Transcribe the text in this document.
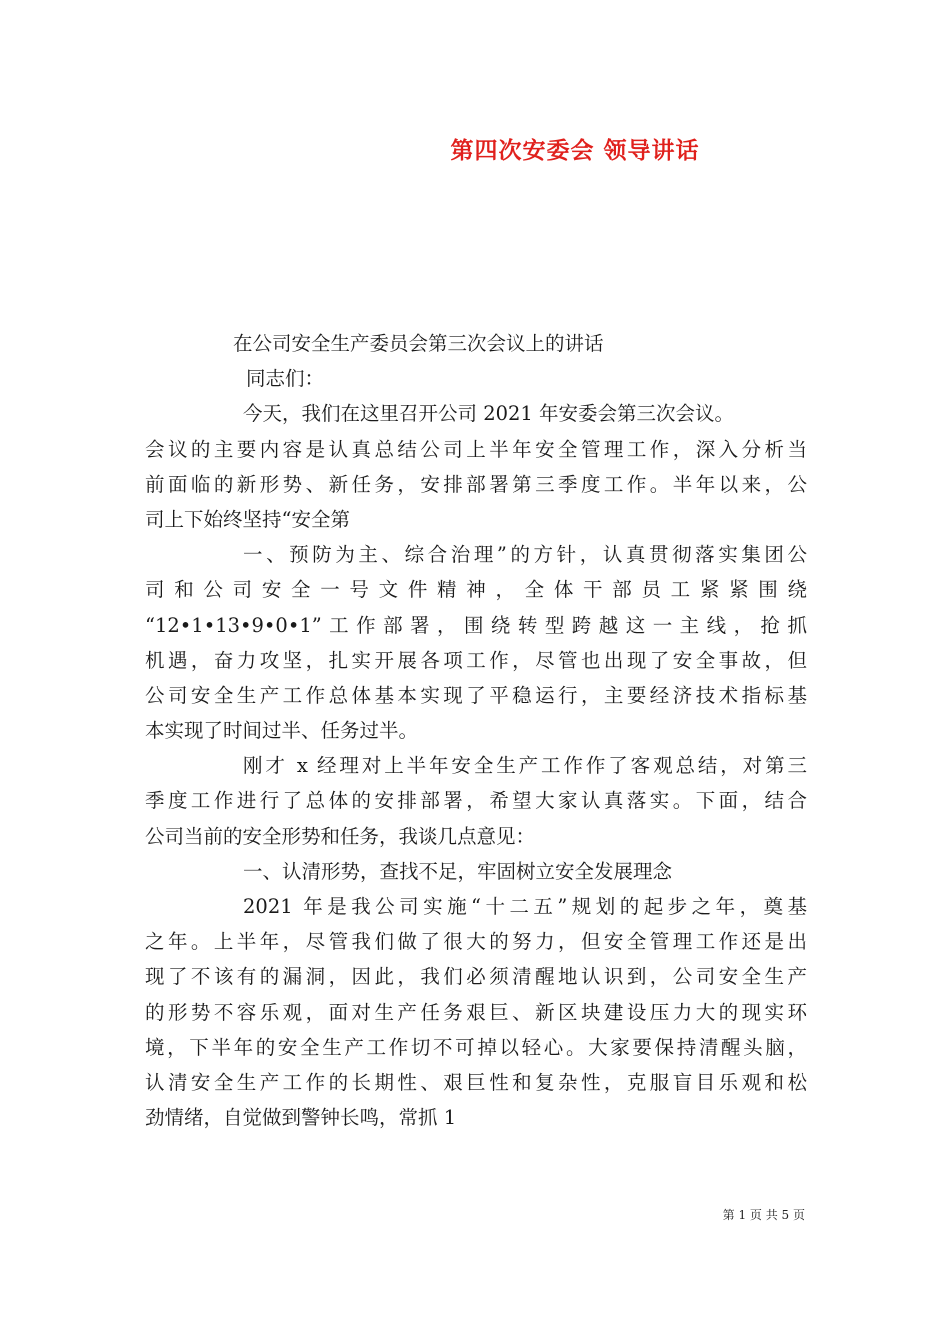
第四次安委会 领导讲话
在公司安全生产委员会第三次会议上的讲话
同志们：
今天，我们在这里召开公司 2021 年安委会第三次会议。
会议的主要内容是认真总结公司上半年安全管理工作，深入分析当
前面临的新形势、新任务，安排部署第三季度工作。半年以来，公
司上下始终坚持“安全第
一、预防为主、综合治理”的方针，认真贯彻落实集团公
司和公司安全一号文件精神，全体干部员工紧紧围绕
“12•1•13•9•0•1”工作部署，围绕转型跨越这一主线，抢抓
机遇，奋力攻坚，扎实开展各项工作，尽管也出现了安全事故，但
公司安全生产工作总体基本实现了平稳运行，主要经济技术指标基
本实现了时间过半、任务过半。
刚才 x 经理对上半年安全生产工作作了客观总结，对第三
季度工作进行了总体的安排部署，希望大家认真落实。下面，结合
公司当前的安全形势和任务，我谈几点意见：
一、认清形势，查找不足，牢固树立安全发展理念
2021 年是我公司实施“十二五”规划的起步之年，奠基
之年。上半年，尽管我们做了很大的努力，但安全管理工作还是出
现了不该有的漏洞，因此，我们必须清醒地认识到，公司安全生产
的形势不容乐观，面对生产任务艰巨、新区块建设压力大的现实环
境，下半年的安全生产工作切不可掉以轻心。大家要保持清醒头脑，
认清安全生产工作的长期性、艰巨性和复杂性，克服盲目乐观和松
劲情绪，自觉做到警钟长鸣，常抓 1
第 1 页 共 5 页
